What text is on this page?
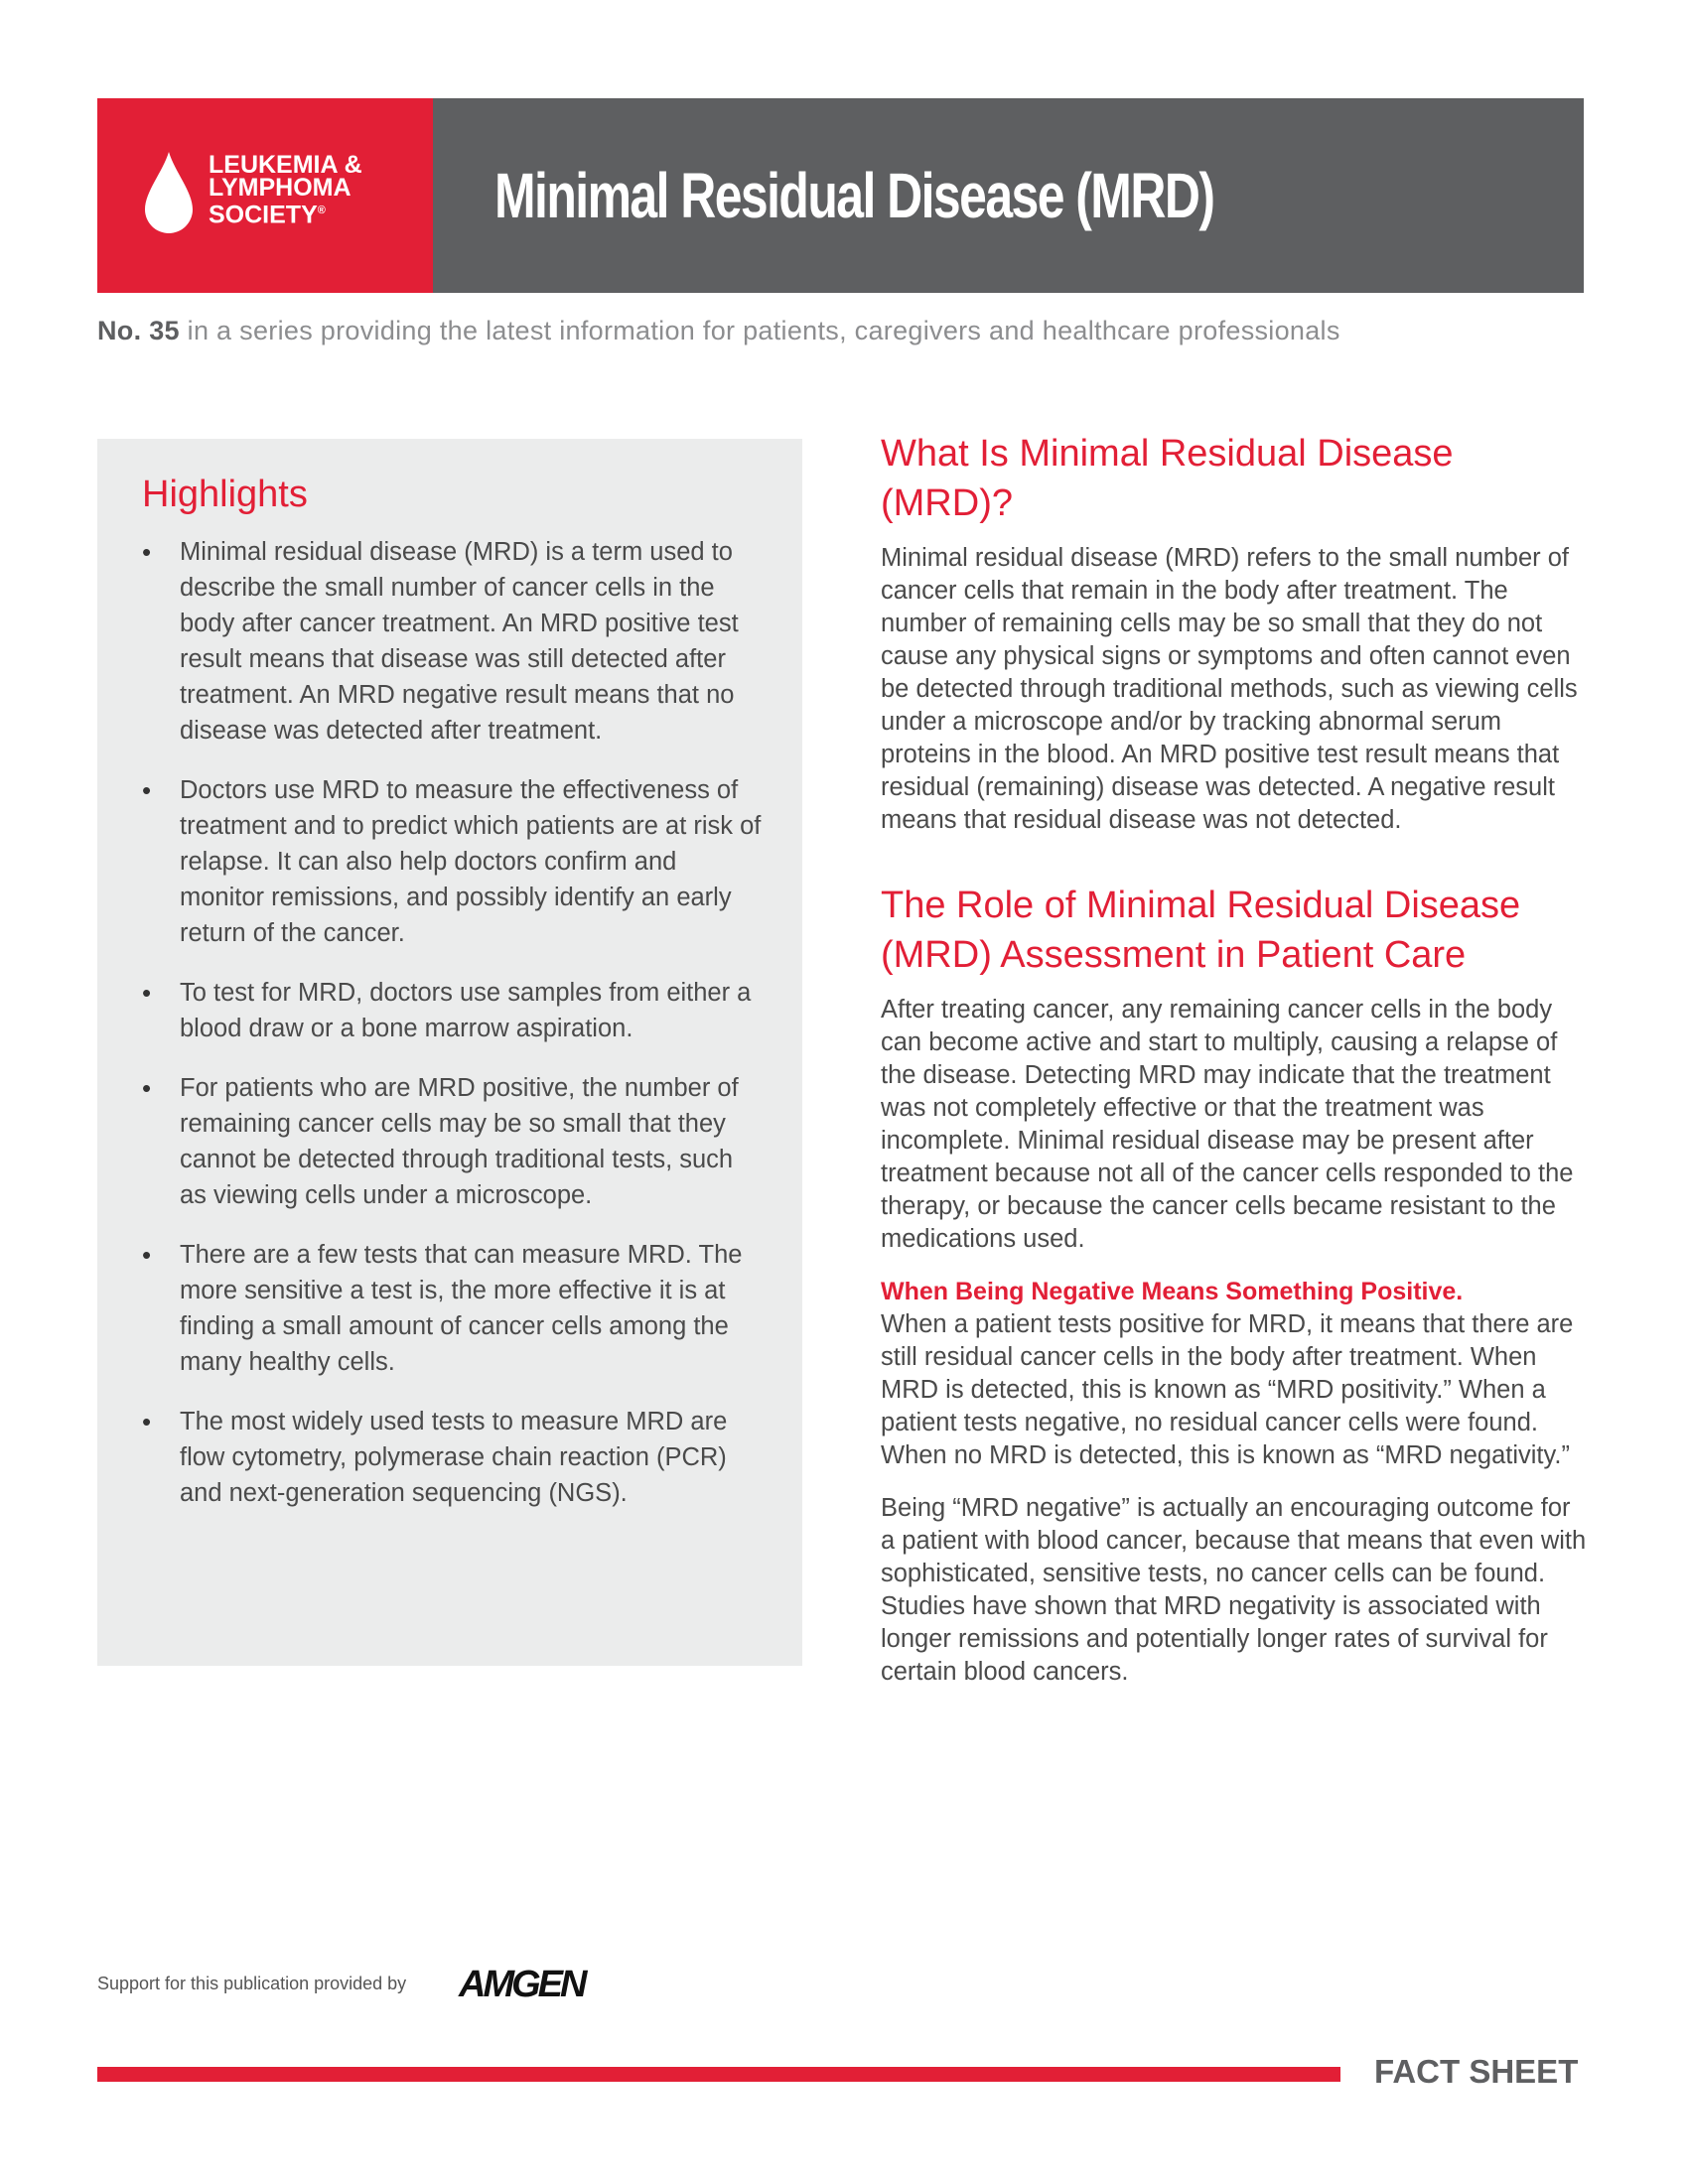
LEUKEMIA &
LYMPHOMA
SOCIETY®	Minimal Residual Disease (MRD)
No. 35 in a series providing the latest information for patients, caregivers and healthcare professionals
Highlights
• Minimal residual disease (MRD) is a term used to describe the small number of cancer cells in the body after cancer treatment. An MRD positive test result means that disease was still detected after treatment. An MRD negative result means that no disease was detected after treatment.
• Doctors use MRD to measure the effectiveness of treatment and to predict which patients are at risk of relapse. It can also help doctors confirm and monitor remissions, and possibly identify an early return of the cancer.
• To test for MRD, doctors use samples from either a blood draw or a bone marrow aspiration.
• For patients who are MRD positive, the number of remaining cancer cells may be so small that they cannot be detected through traditional tests, such as viewing cells under a microscope.
• There are a few tests that can measure MRD. The more sensitive a test is, the more effective it is at finding a small amount of cancer cells among the many healthy cells.
• The most widely used tests to measure MRD are flow cytometry, polymerase chain reaction (PCR) and next-generation sequencing (NGS).
What Is Minimal Residual Disease (MRD)?

Minimal residual disease (MRD) refers to the small number of cancer cells that remain in the body after treatment. The number of remaining cells may be so small that they do not cause any physical signs or symptoms and often cannot even be detected through traditional methods, such as viewing cells under a microscope and/or by tracking abnormal serum proteins in the blood. An MRD positive test result means that residual (remaining) disease was detected. A negative result means that residual disease was not detected.

The Role of Minimal Residual Disease (MRD) Assessment in Patient Care

After treating cancer, any remaining cancer cells in the body can become active and start to multiply, causing a relapse of the disease. Detecting MRD may indicate that the treatment was not completely effective or that the treatment was incomplete. Minimal residual disease may be present after treatment because not all of the cancer cells responded to the therapy, or because the cancer cells became resistant to the medications used.

When Being Negative Means Something Positive.

When a patient tests positive for MRD, it means that there are still residual cancer cells in the body after treatment. When MRD is detected, this is known as “MRD positivity.” When a patient tests negative, no residual cancer cells were found. When no MRD is detected, this is known as “MRD negativity.”

Being “MRD negative” is actually an encouraging outcome for a patient with blood cancer, because that means that even with sophisticated, sensitive tests, no cancer cells can be found. Studies have shown that MRD negativity is associated with longer remissions and potentially longer rates of survival for certain blood cancers.

Support for this publication provided by AMGEN
FACT SHEET
